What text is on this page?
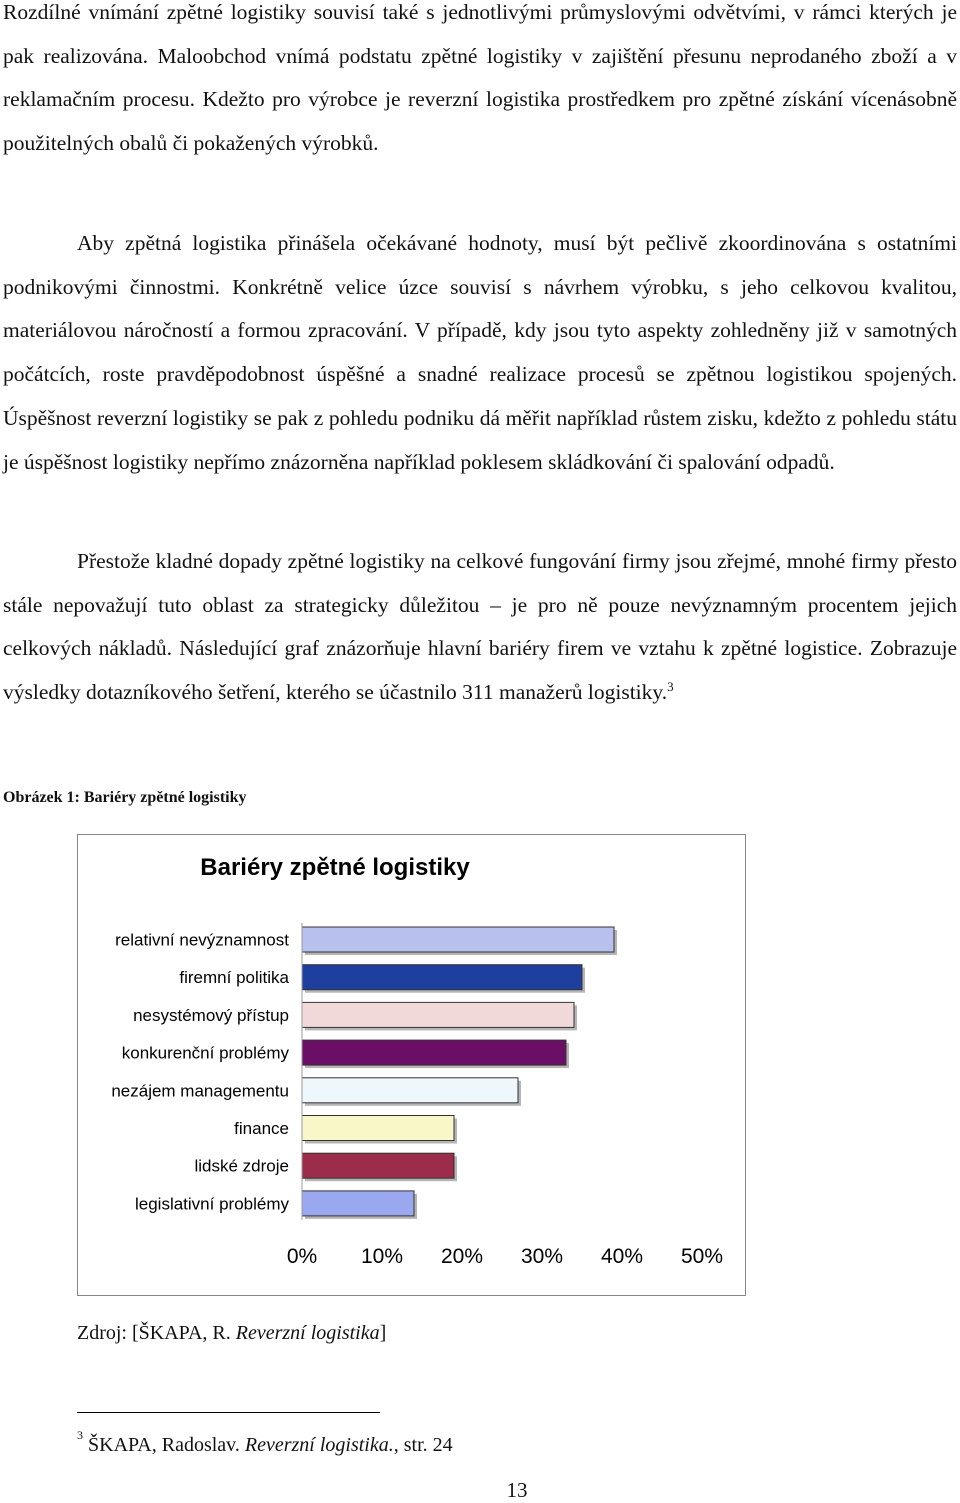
Rozdílné vnímání zpětné logistiky souvisí také s jednotlivými průmyslovými odvětvími, v rámci kterých je pak realizována. Maloobchod vnímá podstatu zpětné logistiky v zajištění přesunu neprodaného zboží a v reklamačním procesu. Kdežto pro výrobce je reverzní logistika prostředkem pro zpětné získání vícenásobně použitelných obalů či pokažených výrobků.

Aby zpětná logistika přinášela očekávané hodnoty, musí být pečlivě zkoordinována s ostatními podnikovými činnostmi. Konkrétně velice úzce souvisí s návrhem výrobku, s jeho celkovou kvalitou, materiálovou náročností a formou zpracování. V případě, kdy jsou tyto aspekty zohledněny již v samotných počátcích, roste pravděpodobnost úspěšné a snadné realizace procesů se zpětnou logistikou spojených. Úspěšnost reverzní logistiky se pak z pohledu podniku dá měřit například růstem zisku, kdežto z pohledu státu je úspěšnost logistiky nepřímo znázorněna například poklesem skládkování či spalování odpadů.

Přestože kladné dopady zpětné logistiky na celkové fungování firmy jsou zřejmé, mnohé firmy přesto stále nepovažují tuto oblast za strategicky důležitou – je pro ně pouze nevýznamným procentem jejich celkových nákladů. Následující graf znázorňuje hlavní bariéry firem ve vztahu k zpětné logistice. Zobrazuje výsledky dotazníkového šetření, kterého se účastnilo 311 manažerů logistiky.$^3$

Obrázek 1: Bariéry zpětné logistiky
Bariéry zpětné logistiky
relativní nevýznamnost
firemní politika
nesystémový přístup
konkurenční problémy
nezájem managementu
finance
lidské zdroje
legislativní problémy
0% 10% 20% 30% 40% 50%
Zdroj: [ŠKAPA, R. Reverzní logistika]
$^3$ ŠKAPA, Radoslav. Reverzní logistika., str. 24
13
